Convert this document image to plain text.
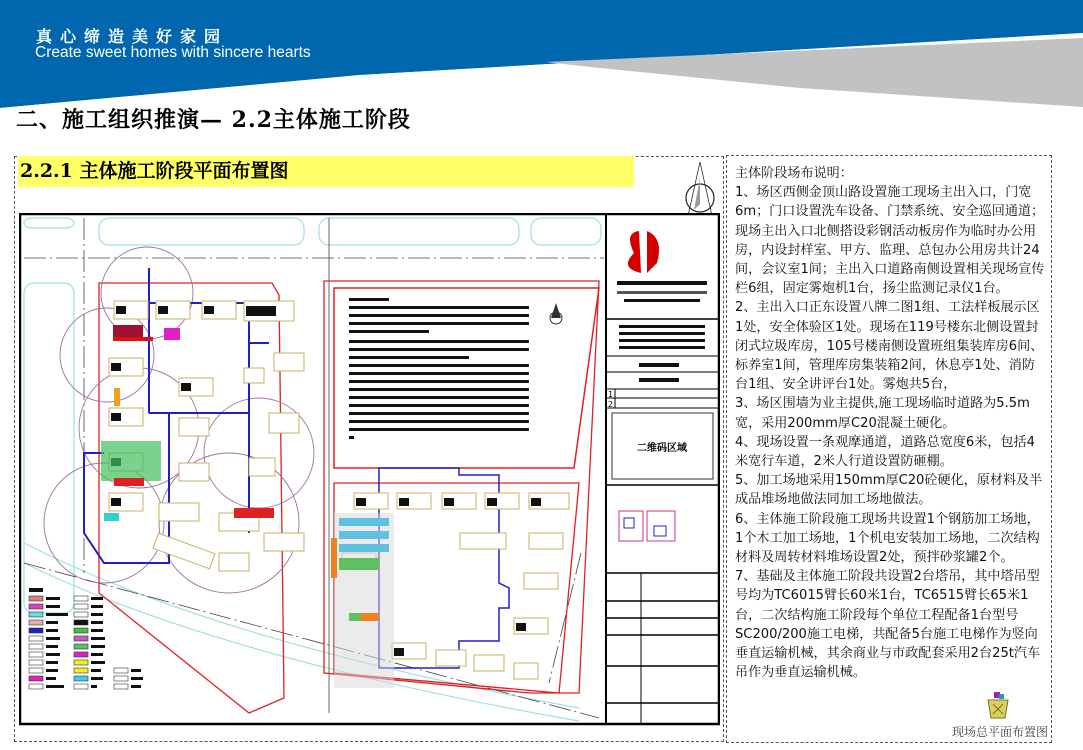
真心缔造美好家园
Create sweet homes with sincere hearts
二、施工组织推演— 2.2主体施工阶段
2.2.1 主体施工阶段平面布置图
1
2
二维码区域

主体阶段场布说明：

1、场区西侧金顶山路设置施工现场主出入口，门宽6m；门口设置洗车设备、门禁系统、安全巡回通道；现场主出入口北侧搭设彩钢活动板房作为临时办公用房，内设封样室、甲方、监理、总包办公用房共计24间，会议室1间；主出入口道路南侧设置相关现场宣传栏6组，固定雾炮机1台，扬尘监测记录仪1台。

2、主出入口正东设置八牌二图1组、工法样板展示区1处，安全体验区1处。现场在119号楼东北侧设置封闭式垃圾库房，105号楼南侧设置班组集装库房6间、标养室1间，管理库房集装箱2间，休息亭1处、消防台1组、安全讲评台1处。雾炮共5台，

3、场区围墙为业主提供,施工现场临时道路为5.5m宽，采用200mm厚C20混凝土硬化。

4、现场设置一条观摩通道，道路总宽度6米，包括4米宽行车道，2米人行道设置防砸棚。

5、加工场地采用150mm厚C20砼硬化，原材料及半成品堆场地做法同加工场地做法。

6、主体施工阶段施工现场共设置1个钢筋加工场地，1个木工加工场地，1个机电安装加工场地，二次结构材料及周转材料堆场设置2处，预拌砂浆罐2个。

7、基础及主体施工阶段共设置2台塔吊，其中塔吊型号均为TC6015臂长60米1台，TC6515臂长65米1台，二次结构施工阶段每个单位工程配备1台型号SC200/200施工电梯，共配备5台施工电梯作为竖向垂直运输机械，其余商业与市政配套采用2台25t汽车吊作为垂直运输机械。

现场总平面布置图
